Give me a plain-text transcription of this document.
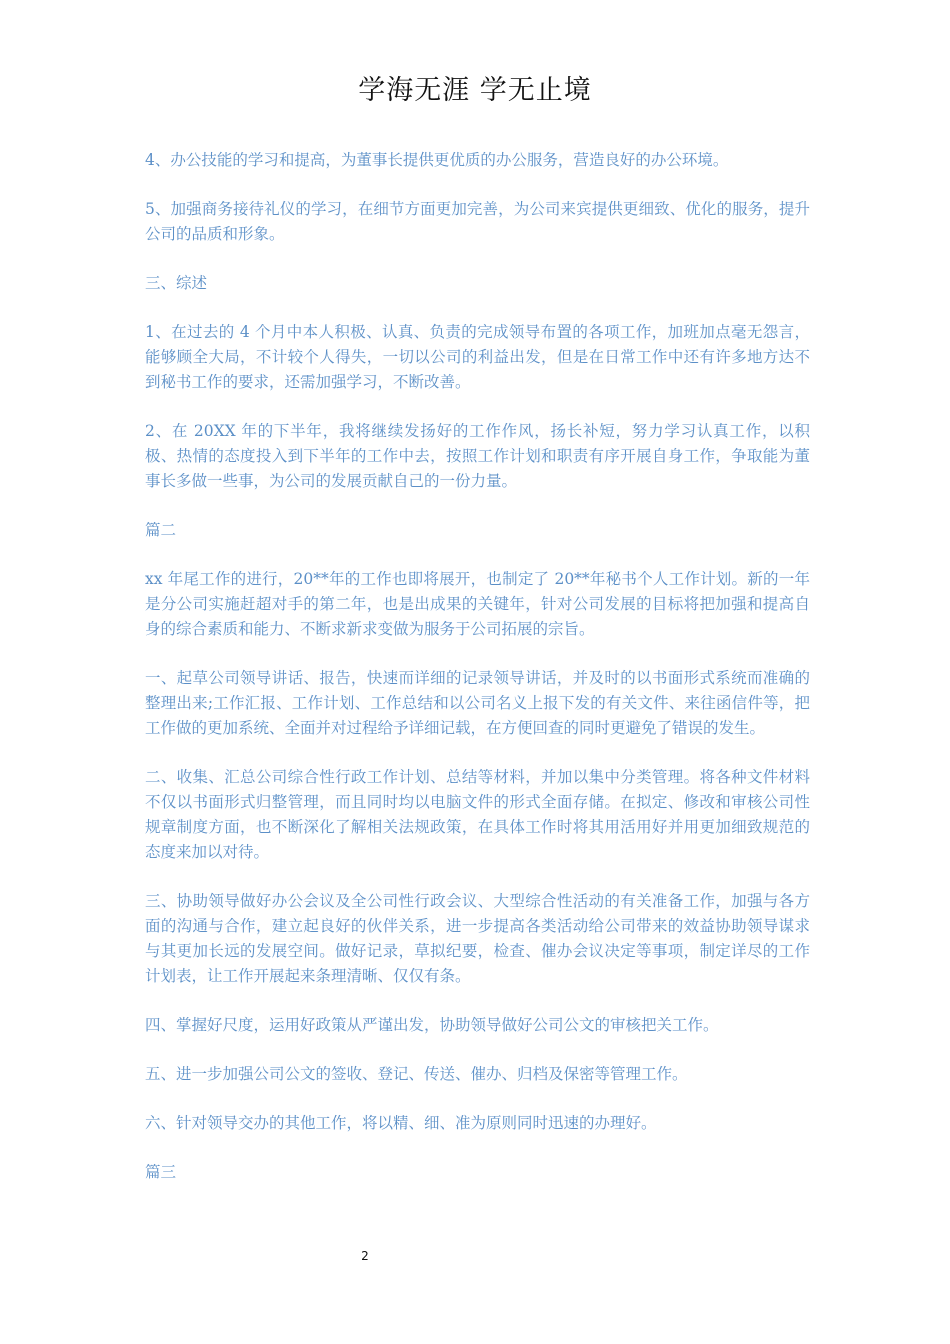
学海无涯 学无止境

4、办公技能的学习和提高，为董事长提供更优质的办公服务，营造良好的办公环境。

5、加强商务接待礼仪的学习，在细节方面更加完善，为公司来宾提供更细致、优化的服务，提升公司的品质和形象。

三、综述

1、在过去的 4 个月中本人积极、认真、负责的完成领导布置的各项工作，加班加点毫无怨言，能够顾全大局，不计较个人得失，一切以公司的利益出发，但是在日常工作中还有许多地方达不到秘书工作的要求，还需加强学习，不断改善。

2、在 20XX 年的下半年，我将继续发扬好的工作作风，扬长补短，努力学习认真工作，以积极、热情的态度投入到下半年的工作中去，按照工作计划和职责有序开展自身工作，争取能为董事长多做一些事，为公司的发展贡献自己的一份力量。

篇二

xx 年尾工作的进行，20**年的工作也即将展开，也制定了 20**年秘书个人工作计划。新的一年是分公司实施赶超对手的第二年，也是出成果的关键年，针对公司发展的目标将把加强和提高自身的综合素质和能力、不断求新求变做为服务于公司拓展的宗旨。

一、起草公司领导讲话、报告，快速而详细的记录领导讲话，并及时的以书面形式系统而准确的整理出来;工作汇报、工作计划、工作总结和以公司名义上报下发的有关文件、来往函信件等，把工作做的更加系统、全面并对过程给予详细记载，在方便回查的同时更避免了错误的发生。

二、收集、汇总公司综合性行政工作计划、总结等材料，并加以集中分类管理。将各种文件材料不仅以书面形式归整管理，而且同时均以电脑文件的形式全面存储。在拟定、修改和审核公司性规章制度方面，也不断深化了解相关法规政策，在具体工作时将其用活用好并用更加细致规范的态度来加以对待。

三、协助领导做好办公会议及全公司性行政会议、大型综合性活动的有关准备工作，加强与各方面的沟通与合作，建立起良好的伙伴关系，进一步提高各类活动给公司带来的效益协助领导谋求与其更加长远的发展空间。做好记录，草拟纪要，检查、催办会议决定等事项，制定详尽的工作计划表，让工作开展起来条理清晰、仅仅有条。

四、掌握好尺度，运用好政策从严谨出发，协助领导做好公司公文的审核把关工作。

五、进一步加强公司公文的签收、登记、传送、催办、归档及保密等管理工作。

六、针对领导交办的其他工作，将以精、细、准为原则同时迅速的办理好。

篇三

2
